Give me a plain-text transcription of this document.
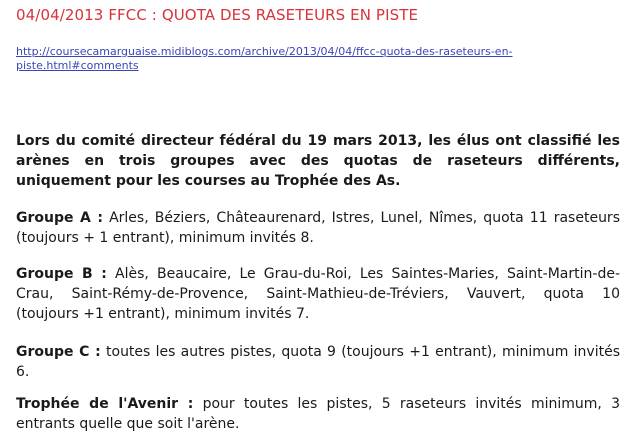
04/04/2013 FFCC : QUOTA DES RASETEURS EN PISTE
http://coursecamarguaise.midiblogs.com/archive/2013/04/04/ffcc-quota-des-raseteurs-en-
piste.html#comments
Lors du comité directeur fédéral du 19 mars 2013, les élus ont classifié les
arènes en trois groupes avec des quotas de raseteurs différents,
uniquement pour les courses au Trophée des As.
Groupe A : Arles, Béziers, Châteaurenard, Istres, Lunel, Nîmes, quota 11 raseteurs
(toujours + 1 entrant), minimum invités 8.
Groupe B : Alès, Beaucaire, Le Grau-du-Roi, Les Saintes-Maries, Saint-Martin-de-
Crau, Saint-Rémy-de-Provence, Saint-Mathieu-de-Tréviers, Vauvert, quota 10
(toujours +1 entrant), minimum invités 7.
Groupe C : toutes les autres pistes, quota 9 (toujours +1 entrant), minimum invités
6.
Trophée de l'Avenir : pour toutes les pistes, 5 raseteurs invités minimum, 3
entrants quelle que soit l'arène.
